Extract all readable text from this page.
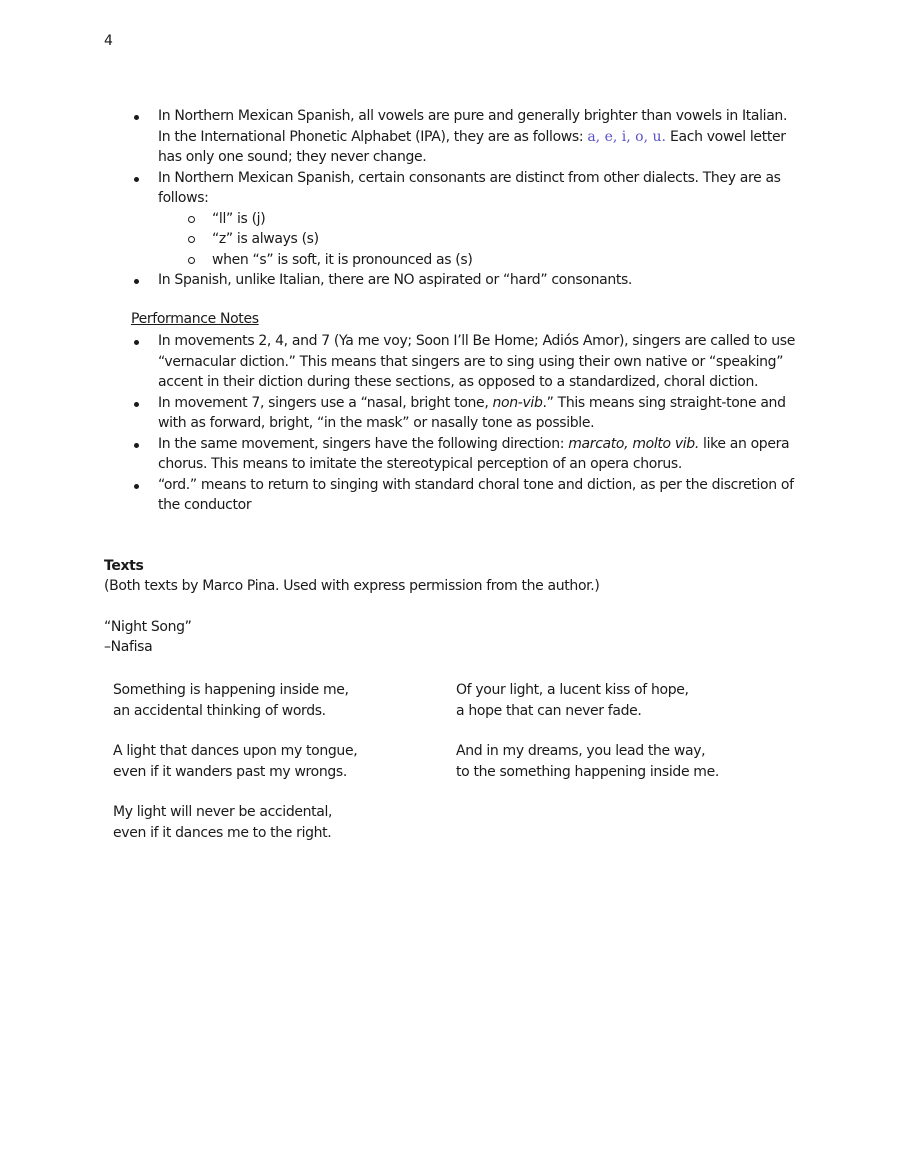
4
In Northern Mexican Spanish, all vowels are pure and generally brighter than vowels in Italian. In the International Phonetic Alphabet (IPA), they are as follows: a, e, i, o, u. Each vowel letter has only one sound; they never change.
In Northern Mexican Spanish, certain consonants are distinct from other dialects. They are as follows:
“ll” is (j)
“z” is always (s)
when “s” is soft, it is pronounced as (s)
In Spanish, unlike Italian, there are NO aspirated or “hard” consonants.
Performance Notes
In movements 2, 4, and 7 (Ya me voy; Soon I’ll Be Home; Adiós Amor), singers are called to use “vernacular diction.” This means that singers are to sing using their own native or “speaking” accent in their diction during these sections, as opposed to a standardized, choral diction.
In movement 7, singers use a “nasal, bright tone, non-vib.” This means sing straight-tone and with as forward, bright, “in the mask” or nasally tone as possible.
In the same movement, singers have the following direction: marcato, molto vib. like an opera chorus. This means to imitate the stereotypical perception of an opera chorus.
“ord.” means to return to singing with standard choral tone and diction, as per the discretion of the conductor
Texts
(Both texts by Marco Pina. Used with express permission from the author.)
“Night Song”
–Nafisa
Something is happening inside me,
an accidental thinking of words.
A light that dances upon my tongue,
even if it wanders past my wrongs.
My light will never be accidental,
even if it dances me to the right.
Of your light, a lucent kiss of hope,
a hope that can never fade.
And in my dreams, you lead the way,
to the something happening inside me.
